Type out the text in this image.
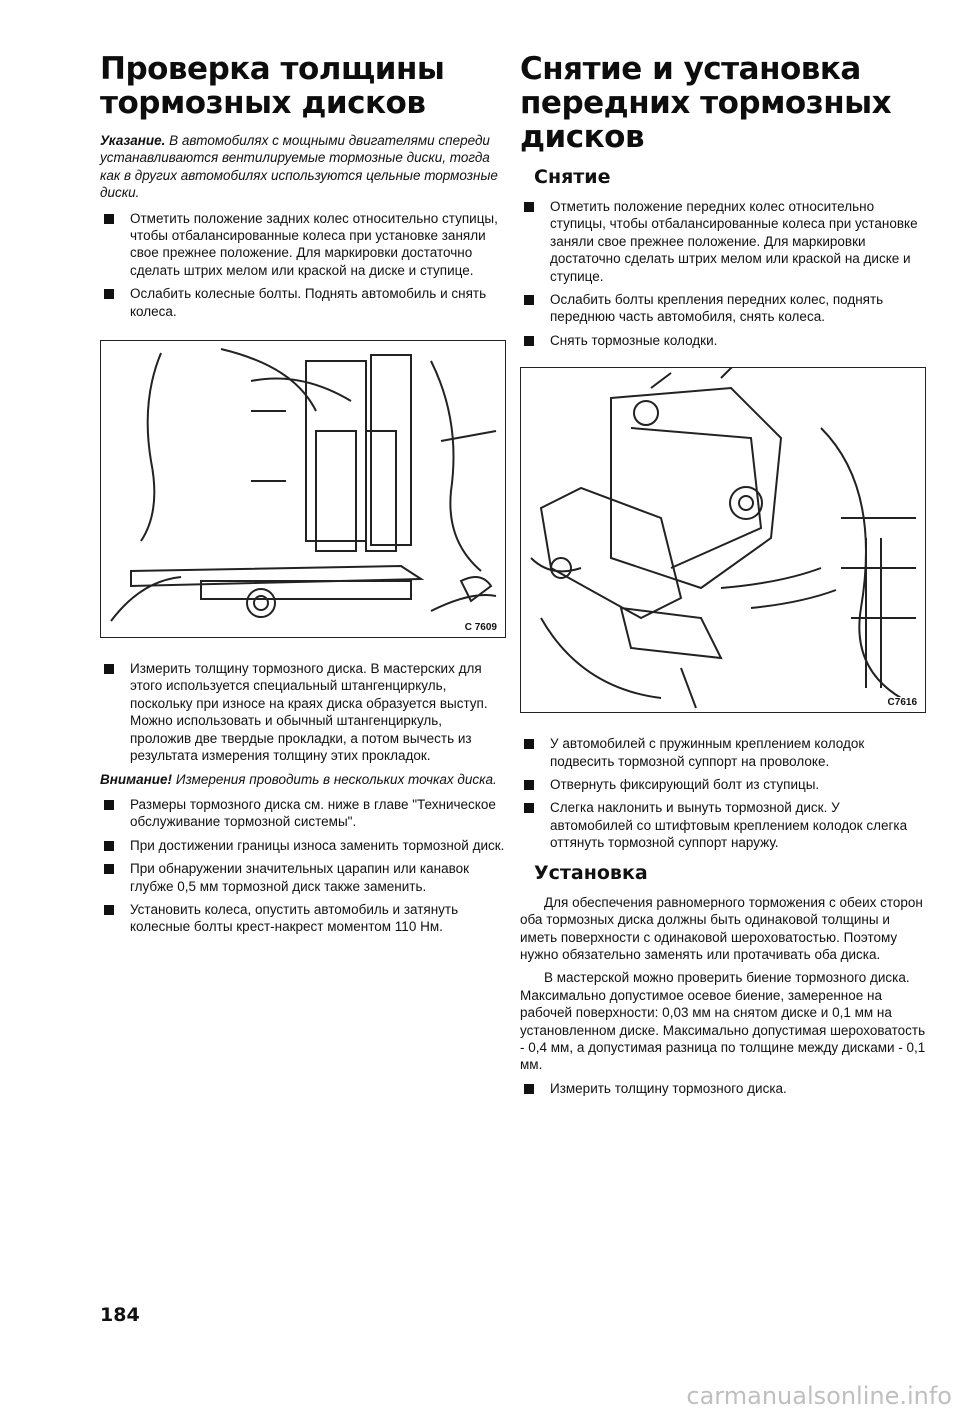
Проверка толщины тормозных дисков

Указание. В автомобилях с мощными двигателями спереди устанавливаются вентилируемые тормозные диски, тогда как в других автомобилях используются цельные тормозные диски.

Отметить положение задних колес относительно ступицы, чтобы отбалансированные колеса при установке заняли свое прежнее положение. Для маркировки достаточно сделать штрих мелом или краской на диске и ступице.

Ослабить колесные болты. Поднять автомобиль и снять колеса.

C 7609

Измерить толщину тормозного диска. В мастерских для этого используется специальный штангенциркуль, поскольку при износе на краях диска образуется выступ. Можно использовать и обычный штангенциркуль, проложив две твердые прокладки, а потом вычесть из результата измерения толщину этих прокладок.

Внимание! Измерения проводить в нескольких точках диска.

Размеры тормозного диска см. ниже в главе "Техническое обслуживание тормозной системы".

При достижении границы износа заменить тормозной диск.

При обнаружении значительных царапин или канавок глубже 0,5 мм тормозной диск также заменить.

Установить колеса, опустить автомобиль и затянуть колесные болты крест-накрест моментом 110 Нм.

Снятие и установка передних тормозных дисков
Снятие

Отметить положение передних колес относительно ступицы, чтобы отбалансированные колеса при установке заняли свое прежнее положение. Для маркировки достаточно сделать штрих мелом или краской на диске и ступице.

Ослабить болты крепления передних колес, поднять переднюю часть автомобиля, снять колеса.

Снять тормозные колодки.

C7616

У автомобилей с пружинным креплением колодок подвесить тормозной суппорт на проволоке.

Отвернуть фиксирующий болт из ступицы.

Слегка наклонить и вынуть тормозной диск. У автомобилей со штифтовым креплением колодок слегка оттянуть тормозной суппорт наружу.

Установка

Для обеспечения равномерного торможения с обеих сторон оба тормозных диска должны быть одинаковой толщины и иметь поверхности с одинаковой шероховатостью. Поэтому нужно обязательно заменять или протачивать оба диска.

В мастерской можно проверить биение тормозного диска. Максимально допустимое осевое биение, замеренное на рабочей поверхности: 0,03 мм на снятом диске и 0,1 мм на установленном диске. Максимально допустимая шероховатость - 0,4 мм, а допустимая разница по толщине между дисками - 0,1 мм.

Измерить толщину тормозного диска.

184
carmanualsonline.info
